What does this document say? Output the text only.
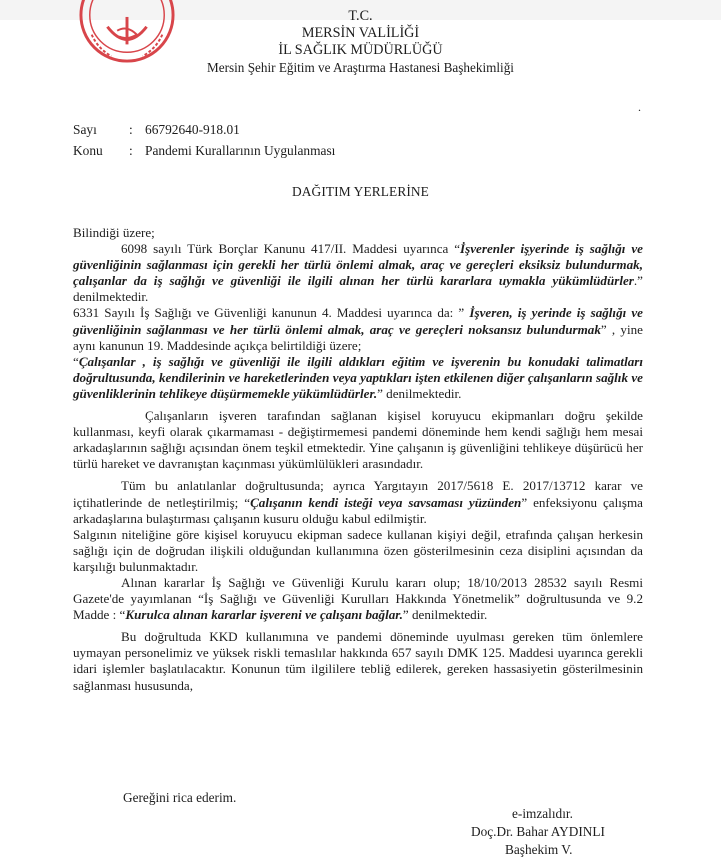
T.C.
MERSİN VALİLİĞİ
İL SAĞLIK MÜDÜRLÜĞÜ
Mersin Şehir Eğitim ve Araştırma Hastanesi Başhekimliği
.
Sayı : 66792640-918.01
Konu : Pandemi Kurallarının Uygulanması
DAĞITIM YERLERİNE

Bilindiği üzere;

6098 sayılı Türk Borçlar Kanunu 417/II. Maddesi uyarınca “İşverenler işyerinde iş sağlığı ve güvenliğinin sağlanması için gerekli her türlü önlemi almak, araç ve gereçleri eksiksiz bulundurmak, çalışanlar da iş sağlığı ve güvenliği ile ilgili alınan her türlü kararlara uymakla yükümlüdürler.” denilmektedir.

6331 Sayılı İş Sağlığı ve Güvenliği kanunun 4. Maddesi uyarınca da: ” İşveren, iş yerinde iş sağlığı ve güvenliğinin sağlanması ve her türlü önlemi almak, araç ve gereçleri noksansız bulundurmak” , yine aynı kanunun 19. Maddesinde açıkça belirtildiği üzere;

“Çalışanlar , iş sağlığı ve güvenliği ile ilgili aldıkları eğitim ve işverenin bu konudaki talimatları doğrultusunda, kendilerinin ve hareketlerinden veya yaptıkları işten etkilenen diğer çalışanların sağlık ve güvenliklerinin tehlikeye düşürmemekle yükümlüdürler.” denilmektedir.

Çalışanların işveren tarafından sağlanan kişisel koruyucu ekipmanları doğru şekilde kullanması, keyfi olarak çıkarmaması - değiştirmemesi pandemi döneminde hem kendi sağlığı hem mesai arkadaşlarının sağlığı açısından önem teşkil etmektedir. Yine çalışanın iş güvenliğini tehlikeye düşürücü her türlü hareket ve davranıştan kaçınması yükümlülükleri arasındadır.

Tüm bu anlatılanlar doğrultusunda; ayrıca Yargıtayın 2017/5618 E. 2017/13712 karar ve içtihatlerinde de netleştirilmiş; “Çalışanın kendi isteği veya savsaması yüzünden” enfeksiyonu çalışma arkadaşlarına bulaştırması çalışanın kusuru olduğu kabul edilmiştir.

Salgının niteliğine göre kişisel koruyucu ekipman sadece kullanan kişiyi değil, etrafında çalışan herkesin sağlığı için de doğrudan ilişkili olduğundan kullanımına özen gösterilmesinin ceza disiplini açısından da karşılığı bulunmaktadır.

Alınan kararlar İş Sağlığı ve Güvenliği Kurulu kararı olup; 18/10/2013 28532 sayılı Resmi Gazete'de yayımlanan “İş Sağlığı ve Güvenliği Kurulları Hakkında Yönetmelik” doğrultusunda ve 9.2 Madde : “Kurulca alınan kararlar işvereni ve çalışanı bağlar.” denilmektedir.

Bu doğrultuda KKD kullanımına ve pandemi döneminde uyulması gereken tüm önlemlere uymayan personelimiz ve yüksek riskli temaslılar hakkında 657 sayılı DMK 125. Maddesi uyarınca gerekli idari işlemler başlatılacaktır. Konunun tüm ilgililere tebliğ edilerek, gereken hassasiyetin gösterilmesinin sağlanması hususunda,

Gereğini rica ederim.
e-imzalıdır.
Doç.Dr. Bahar AYDINLI
Başhekim V.
